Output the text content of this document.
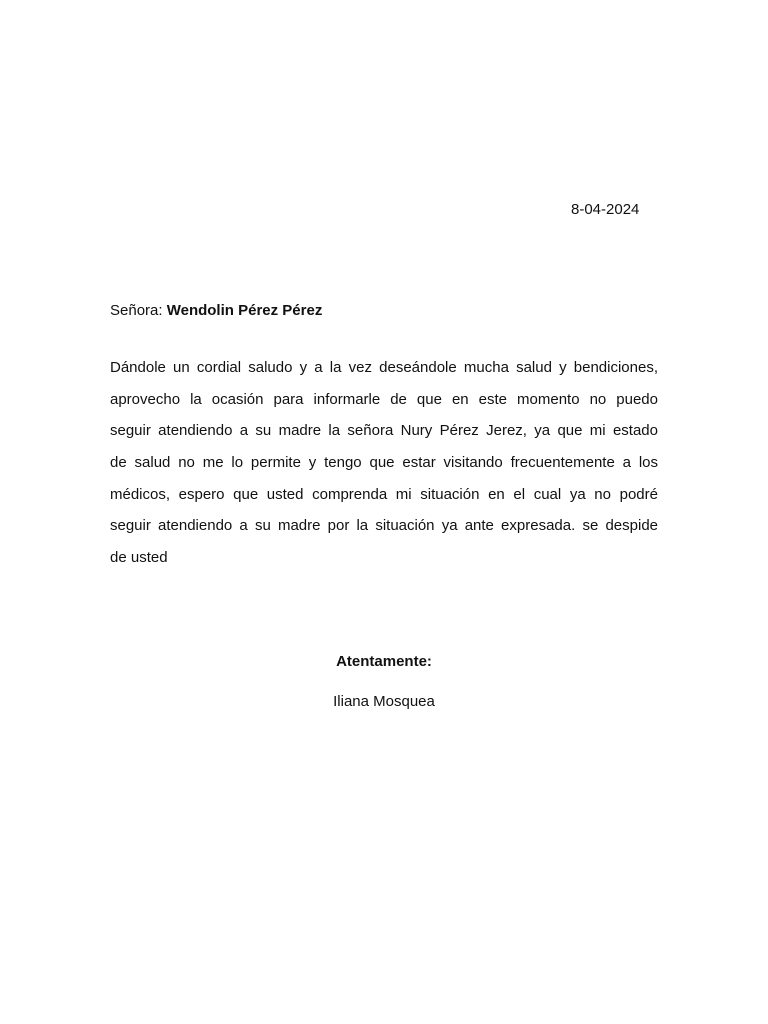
8-04-2024
Señora: Wendolin Pérez Pérez
Dándole un cordial saludo y a la vez deseándole mucha salud y bendiciones,
aprovecho la ocasión para informarle de que en este momento no puedo
seguir atendiendo a su madre la señora Nury Pérez Jerez, ya que mi estado
de salud no me lo permite y tengo que estar visitando frecuentemente a los
médicos, espero que usted comprenda mi situación en el cual ya no podré
seguir atendiendo a su madre por la situación ya ante expresada. se despide
de usted
Atentamente:
Iliana Mosquea
